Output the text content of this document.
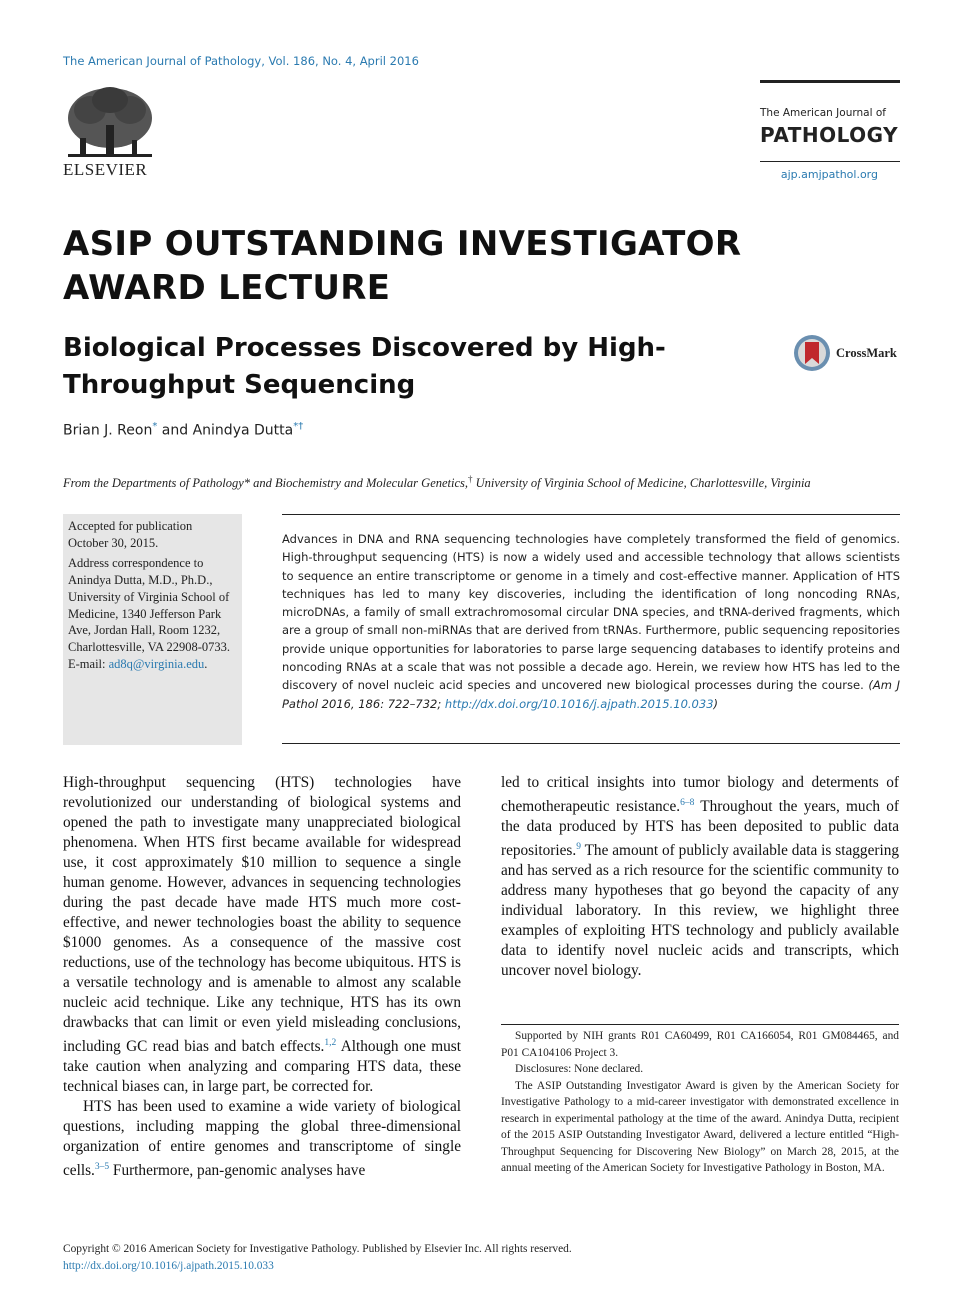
The American Journal of Pathology, Vol. 186, No. 4, April 2016
ELSEVIER
The American Journal of
PATHOLOGY
ajp.amjpathol.org
ASIP OUTSTANDING INVESTIGATOR AWARD LECTURE
Biological Processes Discovered by High-Throughput Sequencing
CrossMark
Brian J. Reon* and Anindya Dutta*†
From the Departments of Pathology* and Biochemistry and Molecular Genetics,† University of Virginia School of Medicine, Charlottesville, Virginia
Accepted for publication
October 30, 2015.
Address correspondence to Anindya Dutta, M.D., Ph.D., University of Virginia School of Medicine, 1340 Jefferson Park Ave, Jordan Hall, Room 1232, Charlottesville, VA 22908-0733. E-mail: ad8q@virginia.edu.
Advances in DNA and RNA sequencing technologies have completely transformed the field of genomics. High-throughput sequencing (HTS) is now a widely used and accessible technology that allows scientists to sequence an entire transcriptome or genome in a timely and cost-effective manner. Application of HTS techniques has led to many key discoveries, including the identification of long noncoding RNAs, microDNAs, a family of small extrachromosomal circular DNA species, and tRNA-derived fragments, which are a group of small non-miRNAs that are derived from tRNAs. Furthermore, public sequencing repositories provide unique opportunities for laboratories to parse large sequencing databases to identify proteins and noncoding RNAs at a scale that was not possible a decade ago. Herein, we review how HTS has led to the discovery of novel nucleic acid species and uncovered new biological processes during the course. (Am J Pathol 2016, 186: 722–732; http://dx.doi.org/10.1016/j.ajpath.2015.10.033)

High-throughput sequencing (HTS) technologies have revolutionized our understanding of biological systems and opened the path to investigate many unappreciated biological phenomena. When HTS first became available for widespread use, it cost approximately $10 million to sequence a single human genome. However, advances in sequencing technologies during the past decade have made HTS much more cost-effective, and newer technologies boast the ability to sequence $1000 genomes. As a consequence of the massive cost reductions, use of the technology has become ubiquitous. HTS is a versatile technology and is amenable to almost any scalable nucleic acid technique. Like any technique, HTS has its own drawbacks that can limit or even yield misleading conclusions, including GC read bias and batch effects.$^{1,2}$ Although one must take caution when analyzing and comparing HTS data, these technical biases can, in large part, be corrected for.

HTS has been used to examine a wide variety of biological questions, including mapping the global three-dimensional organization of entire genomes and transcriptome of single cells.$^{3-5}$ Furthermore, pan-genomic analyses have

led to critical insights into tumor biology and determents of chemotherapeutic resistance.$^{6-8}$ Throughout the years, much of the data produced by HTS has been deposited to public data repositories.$^9$ The amount of publicly available data is staggering and has served as a rich resource for the scientific community to address many hypotheses that go beyond the capacity of any individual laboratory. In this review, we highlight three examples of exploiting HTS technology and publicly available data to identify novel nucleic acids and transcripts, which uncover novel biology.

Supported by NIH grants R01 CA60499, R01 CA166054, R01 GM084465, and P01 CA104106 Project 3.

Disclosures: None declared.

The ASIP Outstanding Investigator Award is given by the American Society for Investigative Pathology to a mid-career investigator with demonstrated excellence in research in experimental pathology at the time of the award. Anindya Dutta, recipient of the 2015 ASIP Outstanding Investigator Award, delivered a lecture entitled “High-Throughput Sequencing for Discovering New Biology” on March 28, 2015, at the annual meeting of the American Society for Investigative Pathology in Boston, MA.

Copyright © 2016 American Society for Investigative Pathology. Published by Elsevier Inc. All rights reserved.
http://dx.doi.org/10.1016/j.ajpath.2015.10.033
